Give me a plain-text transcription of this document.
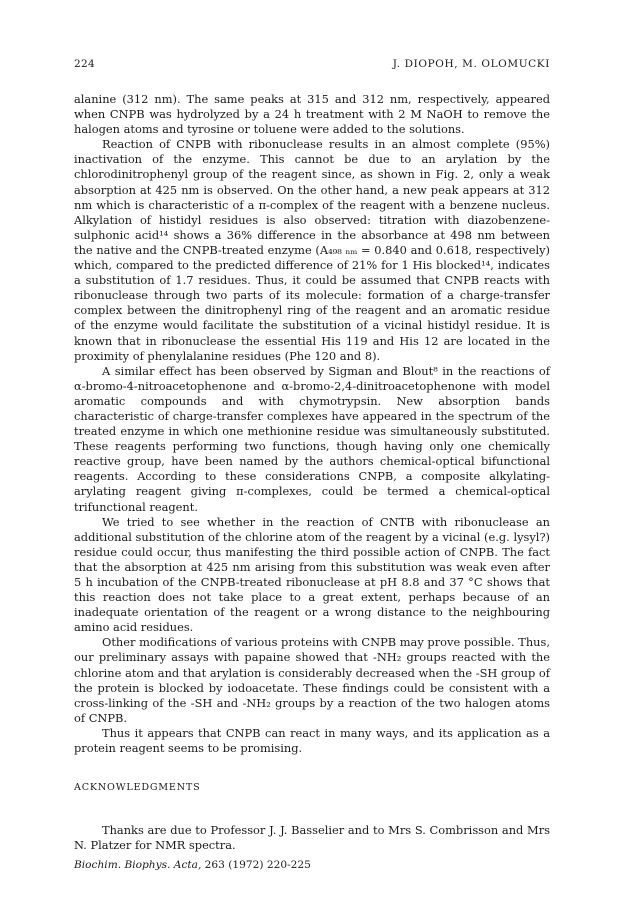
224	J. DIOPOH, M. OLOMUCKI

alanine (312 nm). The same peaks at 315 and 312 nm, respectively, appeared when CNPB was hydrolyzed by a 24 h treatment with 2 M NaOH to remove the halogen atoms and tyrosine or toluene were added to the solutions.

Reaction of CNPB with ribonuclease results in an almost complete (95%) inactivation of the enzyme. This cannot be due to an arylation by the chlorodinitrophenyl group of the reagent since, as shown in Fig. 2, only a weak absorption at 425 nm is observed. On the other hand, a new peak appears at 312 nm which is characteristic of a π-complex of the reagent with a benzene nucleus. Alkylation of histidyl residues is also observed: titration with diazobenzene-sulphonic acid¹⁴ shows a 36% difference in the absorbance at 498 nm between the native and the CNPB-treated enzyme (A₄₉₈ ₙₘ = 0.840 and 0.618, respectively) which, compared to the predicted difference of 21% for 1 His blocked¹⁴, indicates a substitution of 1.7 residues. Thus, it could be assumed that CNPB reacts with ribonuclease through two parts of its molecule: formation of a charge-transfer complex between the dinitrophenyl ring of the reagent and an aromatic residue of the enzyme would facilitate the substitution of a vicinal histidyl residue. It is known that in ribonuclease the essential His 119 and His 12 are located in the proximity of phenylalanine residues (Phe 120 and 8).

A similar effect has been observed by Sigman and Blout⁸ in the reactions of α-bromo-4-nitroacetophenone and α-bromo-2,4-dinitroacetophenone with model aromatic compounds and with chymotrypsin. New absorption bands characteristic of charge-transfer complexes have appeared in the spectrum of the treated enzyme in which one methionine residue was simultaneously substituted. These reagents performing two functions, though having only one chemically reactive group, have been named by the authors chemical-optical bifunctional reagents. According to these considerations CNPB, a composite alkylating-arylating reagent giving π-complexes, could be termed a chemical-optical trifunctional reagent.

We tried to see whether in the reaction of CNTB with ribonuclease an additional substitution of the chlorine atom of the reagent by a vicinal (e.g. lysyl?) residue could occur, thus manifesting the third possible action of CNPB. The fact that the absorption at 425 nm arising from this substitution was weak even after 5 h incubation of the CNPB-treated ribonuclease at pH 8.8 and 37 °C shows that this reaction does not take place to a great extent, perhaps because of an inadequate orientation of the reagent or a wrong distance to the neighbouring amino acid residues.

Other modifications of various proteins with CNPB may prove possible. Thus, our preliminary assays with papaine showed that -NH₂ groups reacted with the chlorine atom and that arylation is considerably decreased when the -SH group of the protein is blocked by iodoacetate. These findings could be consistent with a cross-linking of the -SH and -NH₂ groups by a reaction of the two halogen atoms of CNPB.

Thus it appears that CNPB can react in many ways, and its application as a protein reagent seems to be promising.

ACKNOWLEDGMENTS

Thanks are due to Professor J. J. Basselier and to Mrs S. Combrisson and Mrs N. Platzer for NMR spectra.

Biochim. Biophys. Acta, 263 (1972) 220-225
